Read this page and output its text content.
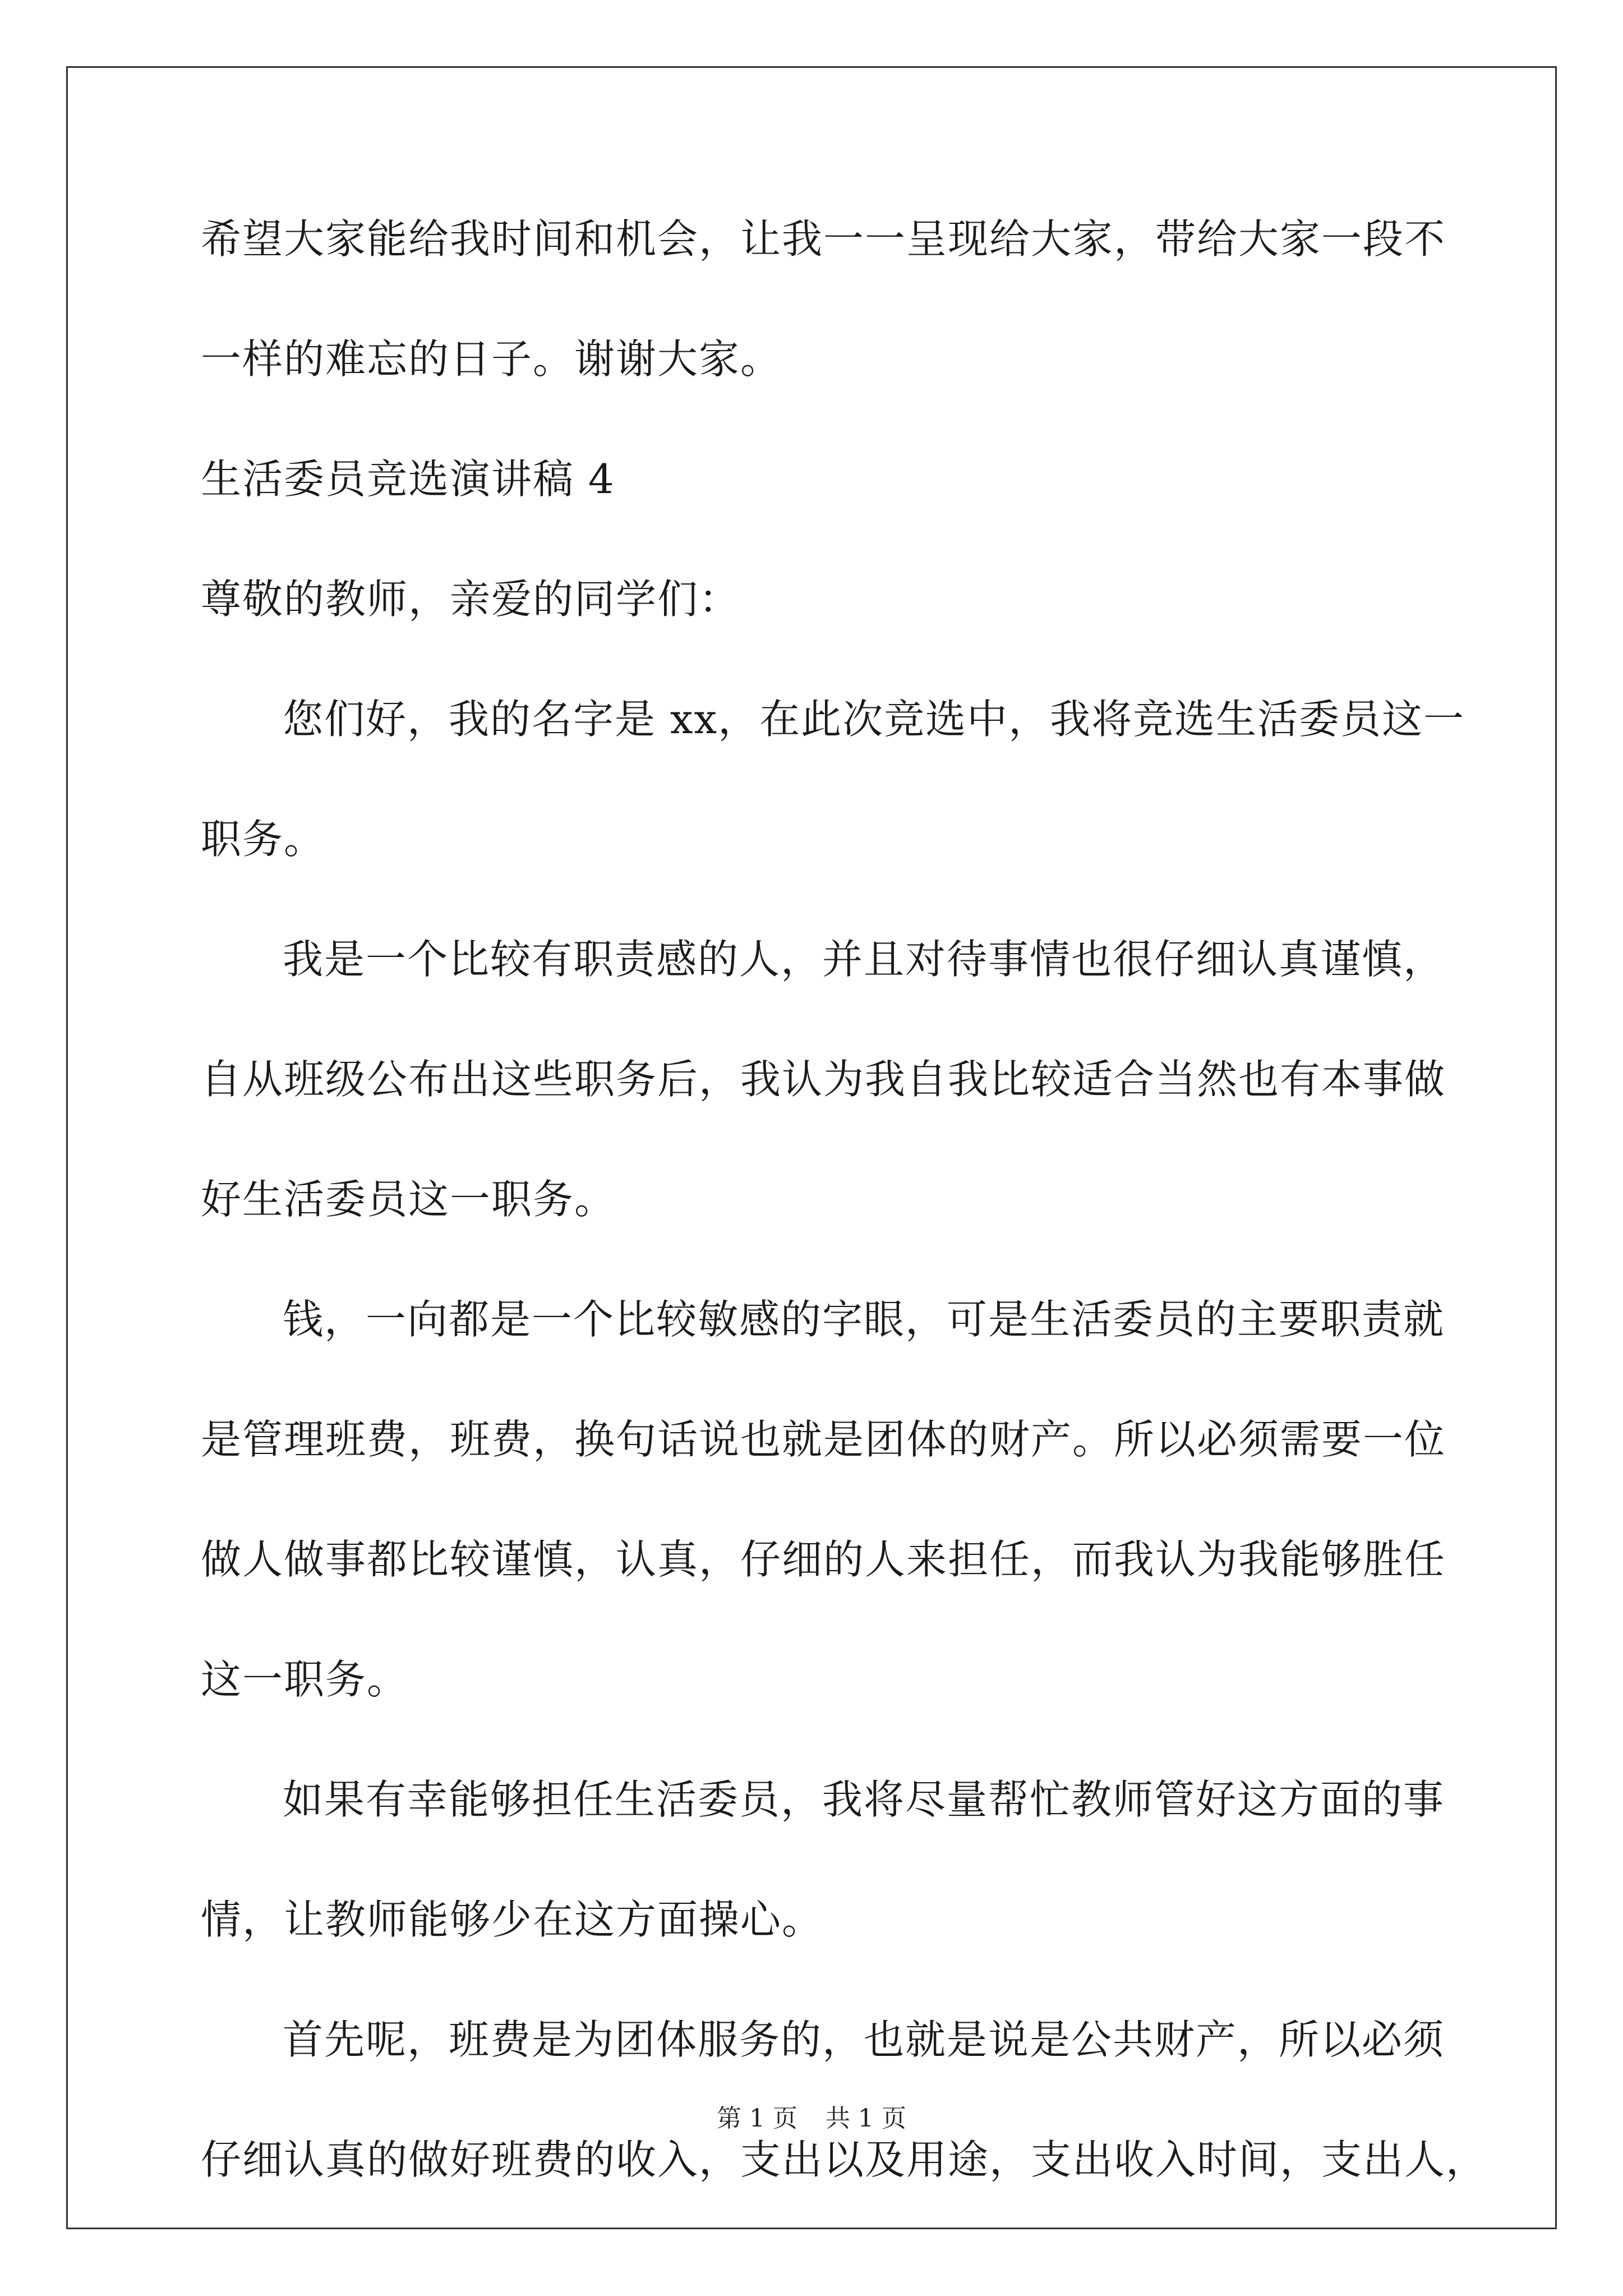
希望大家能给我时间和机会，让我一一呈现给大家，带给大家一段不
一样的难忘的日子。谢谢大家。
生活委员竞选演讲稿 4
尊敬的教师，亲爱的同学们：
您们好，我的名字是 xx，在此次竞选中，我将竞选生活委员这一
职务。
我是一个比较有职责感的人，并且对待事情也很仔细认真谨慎，
自从班级公布出这些职务后，我认为我自我比较适合当然也有本事做
好生活委员这一职务。
钱，一向都是一个比较敏感的字眼，可是生活委员的主要职责就
是管理班费，班费，换句话说也就是团体的财产。所以必须需要一位
做人做事都比较谨慎，认真，仔细的人来担任，而我认为我能够胜任
这一职务。
如果有幸能够担任生活委员，我将尽量帮忙教师管好这方面的事
情，让教师能够少在这方面操心。
首先呢，班费是为团体服务的，也就是说是公共财产，所以必须
仔细认真的做好班费的收入，支出以及用途，支出收入时间，支出人，
第 1 页 共 1 页
